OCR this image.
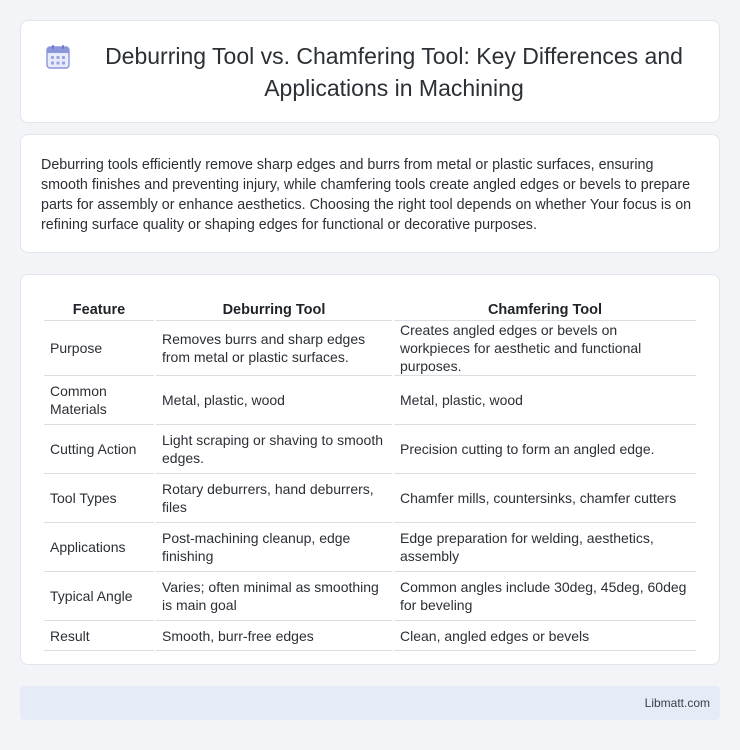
Deburring Tool vs. Chamfering Tool: Key Differences and Applications in Machining

Deburring tools efficiently remove sharp edges and burrs from metal or plastic surfaces, ensuring smooth finishes and preventing injury, while chamfering tools create angled edges or bevels to prepare parts for assembly or enhance aesthetics. Choosing the right tool depends on whether Your focus is on refining surface quality or shaping edges for functional or decorative purposes.

Feature	Deburring Tool	Chamfering Tool
Purpose	Removes burrs and sharp edges from metal or plastic surfaces.	Creates angled edges or bevels on workpieces for aesthetic and functional purposes.
Common Materials	Metal, plastic, wood	Metal, plastic, wood
Cutting Action	Light scraping or shaving to smooth edges.	Precision cutting to form an angled edge.
Tool Types	Rotary deburrers, hand deburrers, files	Chamfer mills, countersinks, chamfer cutters
Applications	Post-machining cleanup, edge finishing	Edge preparation for welding, aesthetics, assembly
Typical Angle	Varies; often minimal as smoothing is main goal	Common angles include 30deg, 45deg, 60deg for beveling
Result	Smooth, burr-free edges	Clean, angled edges or bevels
Libmatt.com
